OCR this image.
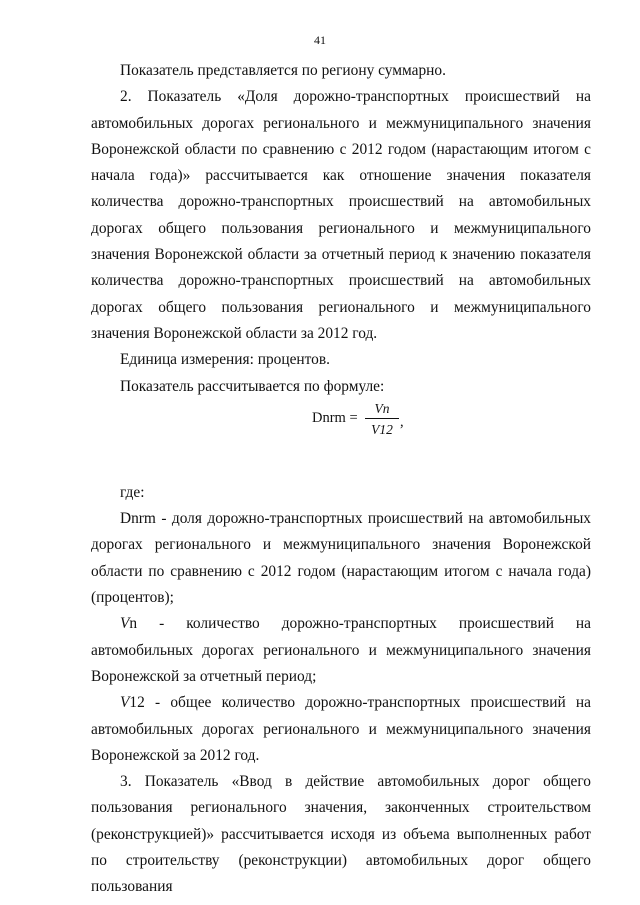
41

Показатель представляется по региону суммарно.

2. Показатель «Доля дорожно-транспортных происшествий на автомобильных дорогах регионального и межмуниципального значения Воронежской области по сравнению с 2012 годом (нарастающим итогом с начала года)» рассчитывается как отношение значения показателя количества дорожно-транспортных происшествий на автомобильных дорогах общего пользования регионального и межмуниципального значения Воронежской области за отчетный период к значению показателя количества дорожно-транспортных происшествий на автомобильных дорогах общего пользования регионального и межмуниципального значения Воронежской области за 2012 год.

Единица измерения: процентов.

Показатель рассчитывается по формуле:

Dnrm =
Vn
V12 ,

где:

Dnrm - доля дорожно-транспортных происшествий на автомобильных дорогах регионального и межмуниципального значения Воронежской области по сравнению с 2012 годом (нарастающим итогом с начала года) (процентов);

Vn - количество дорожно-транспортных происшествий на автомобильных дорогах регионального и межмуниципального значения Воронежской за отчетный период;

V12 - общее количество дорожно-транспортных происшествий на автомобильных дорогах регионального и межмуниципального значения Воронежской за 2012 год.

3. Показатель «Ввод в действие автомобильных дорог общего пользования регионального значения, законченных строительством (реконструкцией)» рассчитывается исходя из объема выполненных работ по строительству (реконструкции) автомобильных дорог общего пользования
